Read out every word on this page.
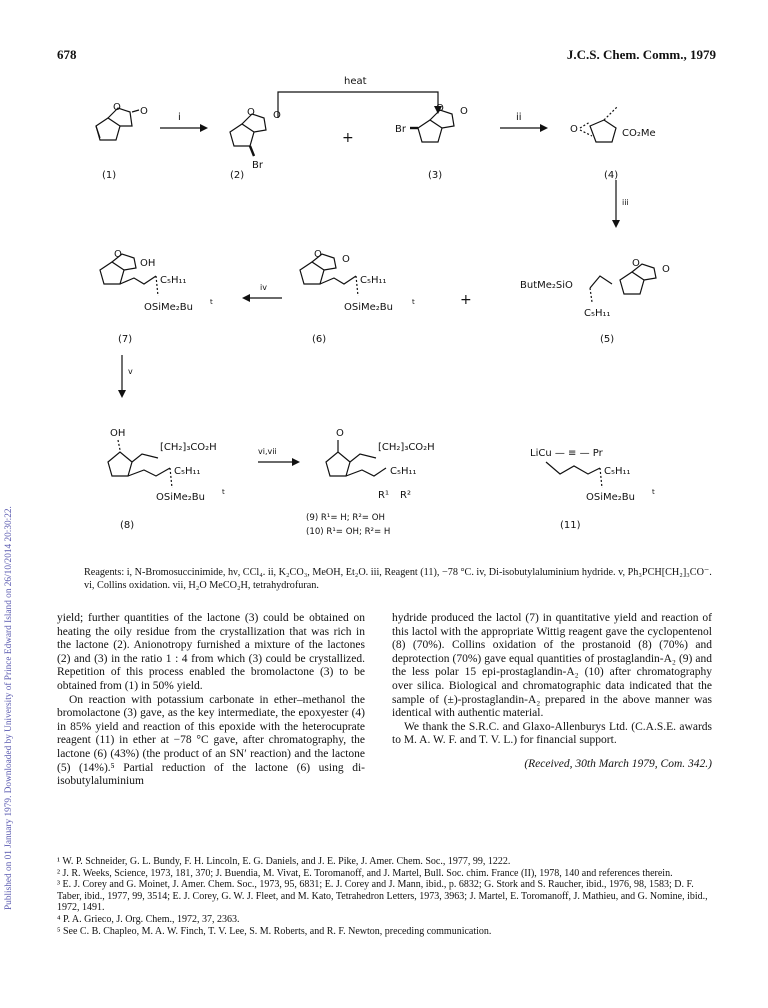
Published on 01 January 1979. Downloaded by University of Prince Edward Island on 26/10/2014 20:30:22.
678	J.C.S. Chem. Comm., 1979
heat
O O
(1)
i	O O
Br
(2)
+
Br
O O
(3)
ii
O	CO₂Me
(4)
iii
O
OH
C₅H₁₁
OSiMe₂Bu t
(7)
iv
O O
C₅H₁₁
OSiMe₂Bu	t
(6)
+
ButMe₂SiO
C₅H₁₁
O
O
(5)
v
OH
[CH₂]₃CO₂H
C₅H₁₁
OSiMe₂Bu t
(8)
vi,vii
O
[CH₂]₃CO₂H
C₅H₁₁
R¹ R²
(9) R¹= H; R²= OH
(10) R¹= OH; R²= H
LiCu — ≡ — Pr
C₅H₁₁
OSiMe₂Bu t
(11)
Reagents: i, N-Bromosuccinimide, hν, CCl₄. ii, K₂CO₃, MeOH, Et₂O. iii, Reagent (11), −78 °C. iv, Di-isobutylaluminium hydride. v, Ph₃PCH[CH₂]₃CO⁻. vi, Collins oxidation. vii, H₂O MeCO₂H, tetrahydrofuran.

yield; further quantities of the lactone (3) could be obtained on heating the oily residue from the crystallization that was rich in the lactone (2). Anionotropy furnished a mixture of the lactones (2) and (3) in the ratio 1 : 4 from which (3) could be crystallized. Repetition of this process enabled the bromolactone (3) to be obtained from (1) in 50% yield.

On reaction with potassium carbonate in ether–methanol the bromolactone (3) gave, as the key intermediate, the epoxyester (4) in 85% yield and reaction of this epoxide with the heterocuprate reagent (11) in ether at −78 °C gave, after chromatography, the lactone (6) (43%) (the product of an SN′ reaction) and the lactone (5) (14%).⁵ Partial reduction of the lactone (6) using di-isobutylaluminium

hydride produced the lactol (7) in quantitative yield and reaction of this lactol with the appropriate Wittig reagent gave the cyclopentenol (8) (70%). Collins oxidation of the prostanoid (8) (70%) and deprotection (70%) gave equal quantities of prostaglandin-A₂ (9) and the less polar 15 epi-prostaglandin-A₂ (10) after chromatography over silica. Biological and chromatographic data indicated that the sample of (±)-prostaglandin-A₂ prepared in the above manner was identical with authentic material.

We thank the S.R.C. and Glaxo-Allenburys Ltd. (C.A.S.E. awards to M. A. W. F. and T. V. L.) for financial support.

(Received, 30th March 1979, Com. 342.)

¹ W. P. Schneider, G. L. Bundy, F. H. Lincoln, E. G. Daniels, and J. E. Pike, J. Amer. Chem. Soc., 1977, 99, 1222.
² J. R. Weeks, Science, 1973, 181, 370; J. Buendia, M. Vivat, E. Toromanoff, and J. Martel, Bull. Soc. chim. France (II), 1978, 140 and references therein.
³ E. J. Corey and G. Moinet, J. Amer. Chem. Soc., 1973, 95, 6831; E. J. Corey and J. Mann, ibid., p. 6832; G. Stork and S. Raucher, ibid., 1976, 98, 1583; D. F. Taber, ibid., 1977, 99, 3514; E. J. Corey, G. W. J. Fleet, and M. Kato, Tetrahedron Letters, 1973, 3963; J. Martel, E. Toromanoff, J. Mathieu, and G. Nomine, ibid., 1972, 1491.
⁴ P. A. Grieco, J. Org. Chem., 1972, 37, 2363.
⁵ See C. B. Chapleo, M. A. W. Finch, T. V. Lee, S. M. Roberts, and R. F. Newton, preceding communication.
